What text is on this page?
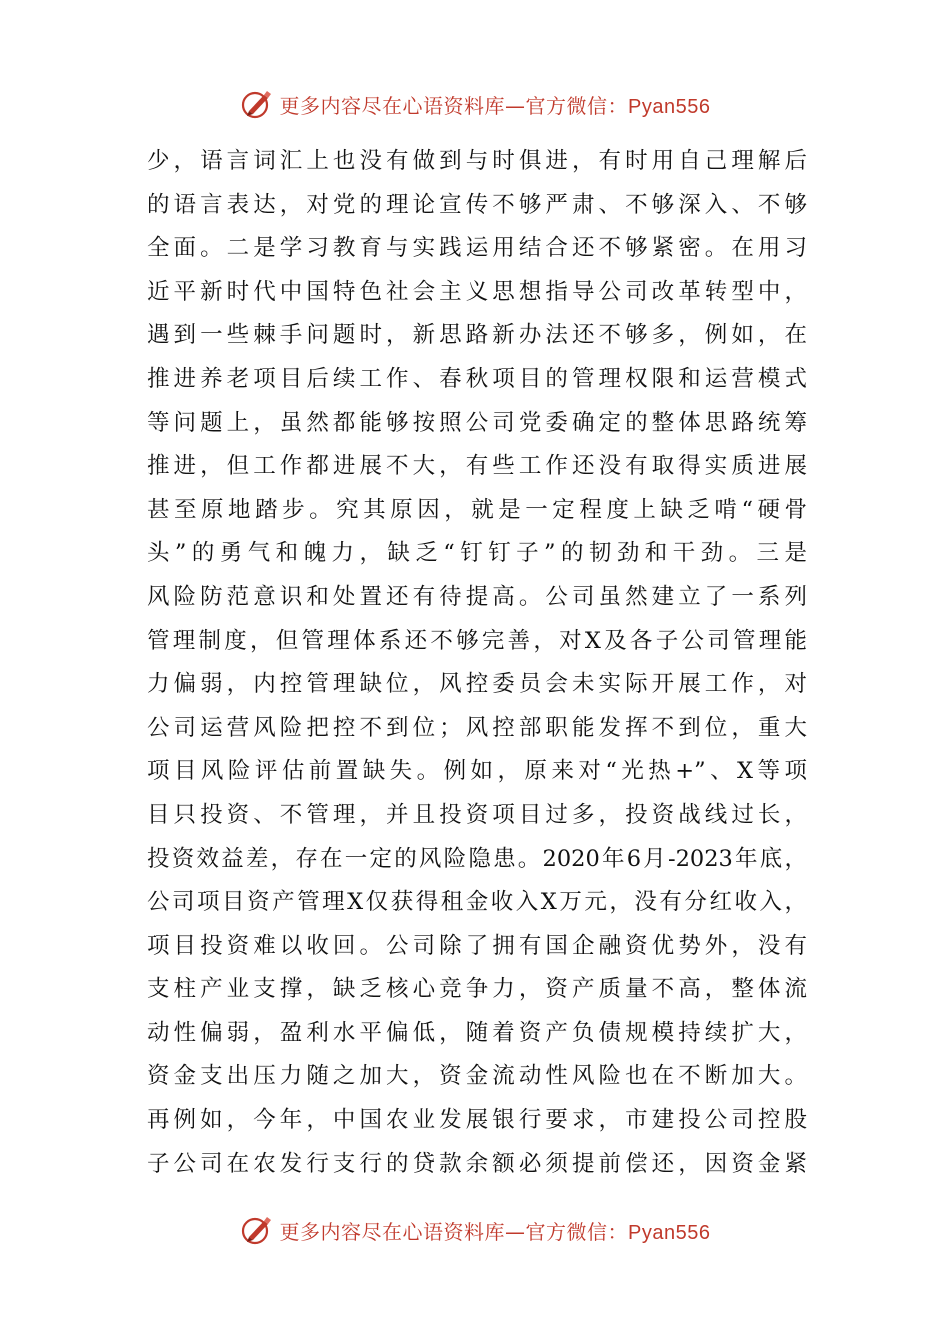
更多内容尽在心语资料库—官方微信：Pyan556
少，语言词汇上也没有做到与时俱进，有时用自己理解后
的语言表达，对党的理论宣传不够严肃、不够深入、不够
全面。二是学习教育与实践运用结合还不够紧密。在用习
近平新时代中国特色社会主义思想指导公司改革转型中，
遇到一些棘手问题时，新思路新办法还不够多，例如，在
推进养老项目后续工作、春秋项目的管理权限和运营模式
等问题上，虽然都能够按照公司党委确定的整体思路统筹
推进，但工作都进展不大，有些工作还没有取得实质进展
甚至原地踏步。究其原因，就是一定程度上缺乏啃“硬骨
头”的勇气和魄力，缺乏“钉钉子”的韧劲和干劲。三是
风险防范意识和处置还有待提高。公司虽然建立了一系列
管理制度，但管理体系还不够完善，对X及各子公司管理能
力偏弱，内控管理缺位，风控委员会未实际开展工作，对
公司运营风险把控不到位；风控部职能发挥不到位，重大
项目风险评估前置缺失。例如，原来对“光热+”、X等项
目只投资、不管理，并且投资项目过多，投资战线过长，
投资效益差，存在一定的风险隐患。2020年6月-2023年底，
公司项目资产管理X仅获得租金收入X万元，没有分红收入，
项目投资难以收回。公司除了拥有国企融资优势外，没有
支柱产业支撑，缺乏核心竞争力，资产质量不高，整体流
动性偏弱，盈利水平偏低，随着资产负债规模持续扩大，
资金支出压力随之加大，资金流动性风险也在不断加大。
再例如，今年，中国农业发展银行要求，市建投公司控股
子公司在农发行支行的贷款余额必须提前偿还，因资金紧
更多内容尽在心语资料库—官方微信：Pyan556
